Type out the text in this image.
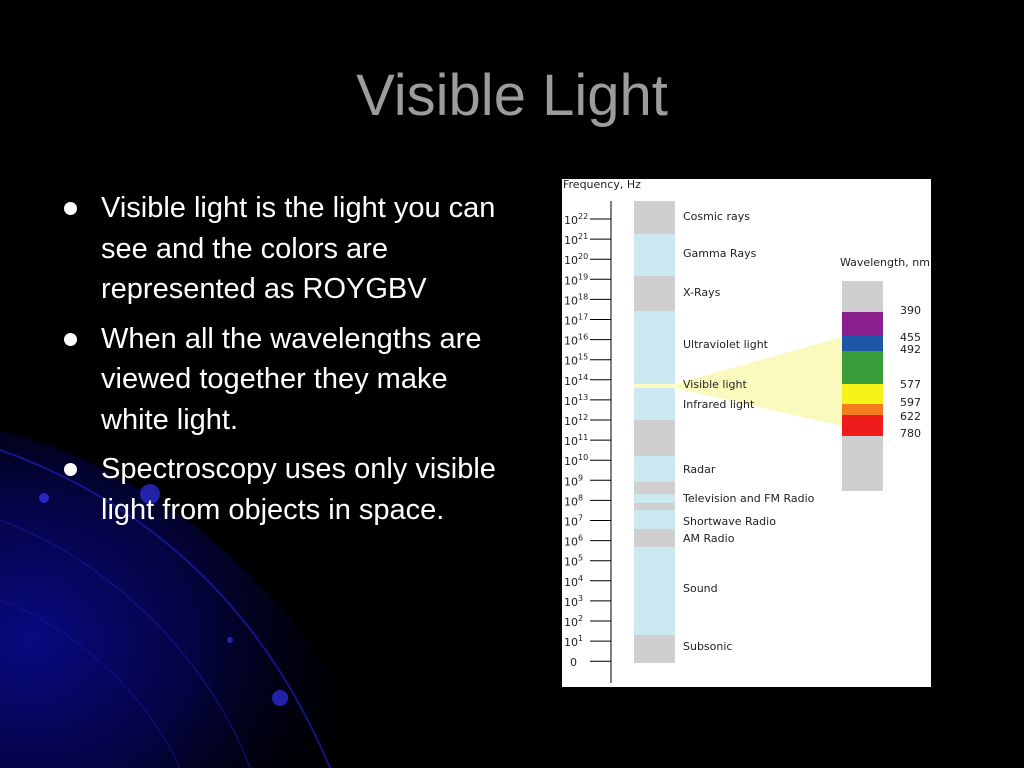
Visible Light
Visible light is the light you can see and the colors are represented as ROYGBV
When all the wavelengths are viewed together they make white light.
Spectroscopy uses only visible light from objects in space.
Frequency, Hz
$10^{22}$
$10^{21}$
$10^{20}$
$10^{19}$
$10^{18}$
$10^{17}$
$10^{16}$
$10^{15}$
$10^{14}$
$10^{13}$
$10^{12}$
$10^{11}$
$10^{10}$
$10^9$
$10^8$
$10^7$
$10^6$
$10^5$
$10^4$
$10^3$
$10^2$
$10^1$
0
Cosmic rays
Gamma Rays
X-Rays
Ultraviolet light
Visible light
Infrared light
Radar
Television and FM Radio
Shortwave Radio
AM Radio
Sound
Subsonic
Wavelength, nm
390
455
492
577
597
622
780
